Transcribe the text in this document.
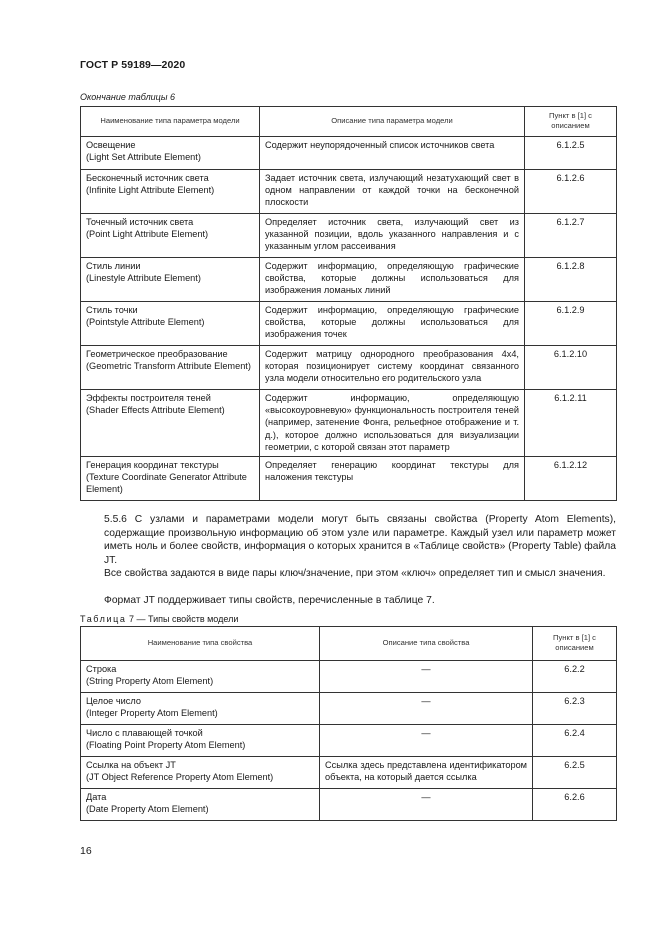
ГОСТ Р 59189—2020
Окончание таблицы 6
Наименование типа параметра модели	Описание типа параметра модели	Пункт в [1] с описанием

Освещение
(Light Set Attribute Element)	Содержит неупорядоченный список источников света	6.1.2.5

Бесконечный источник света
(Infinite Light Attribute Element)	Задает источник света, излучающий незатухающий свет в одном направлении от каждой точки на бесконечной плоскости	6.1.2.6

Точечный источник света
(Point Light Attribute Element)	Определяет источник света, излучающий свет из указанной позиции, вдоль указанного направления и с указанным углом рассеивания	6.1.2.7

Стиль линии
(Linestyle Attribute Element)	Содержит информацию, определяющую графические свойства, которые должны использоваться для изображения ломаных линий	6.1.2.8

Стиль точки
(Pointstyle Attribute Element)	Содержит информацию, определяющую графические свойства, которые должны использоваться для изображения точек	6.1.2.9

Геометрическое преобразование
(Geometric Transform Attribute Element)	Содержит матрицу однородного преобразования 4x4, которая позиционирует систему координат связанного узла модели относительно его родительского узла	6.1.2.10

Эффекты построителя теней
(Shader Effects Attribute Element)	Содержит информацию, определяющую «высокоуровневую» функциональность построителя теней (например, затенение Фонга, рельефное отображение и т. д.), которое должно использоваться для визуализации геометрии, с которой связан этот параметр	6.1.2.11

Генерация координат текстуры
(Texture Coordinate Generator Attribute Element)	Определяет генерацию координат текстуры для наложения текстуры	6.1.2.12
5.5.6 С узлами и параметрами модели могут быть связаны свойства (Property Atom Elements), содержащие произвольную информацию об этом узле или параметре. Каждый узел или параметр может иметь ноль и более свойств, информация о которых хранится в «Таблице свойств» (Property Table) файла JT.
Все свойства задаются в виде пары ключ/значение, при этом «ключ» определяет тип и смысл значения.
Формат JT поддерживает типы свойств, перечисленные в таблице 7.
Таблица 7 — Типы свойств модели
Наименование типа свойства	Описание типа свойства	Пункт в [1] с описанием

Строка
(String Property Atom Element)	—	6.2.2

Целое число
(Integer Property Atom Element)	—	6.2.3

Число с плавающей точкой
(Floating Point Property Atom Element)	—	6.2.4

Ссылка на объект JT
(JT Object Reference Property Atom Element)	Ссылка здесь представлена идентификатором объекта, на который дается ссылка	6.2.5

Дата
(Date Property Atom Element)	—	6.2.6
16
